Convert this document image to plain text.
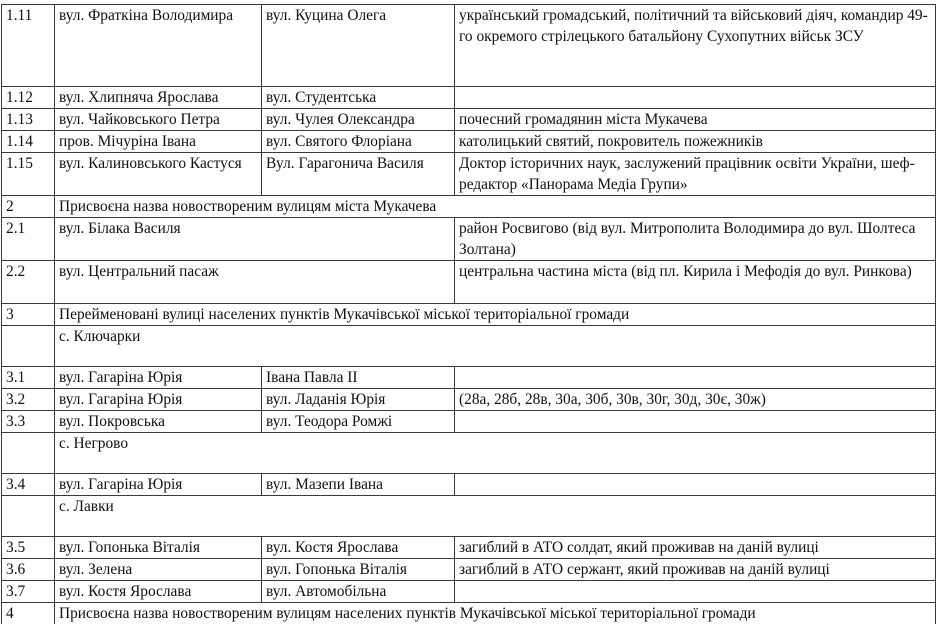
1.11	вул. Фраткіна Володимира	вул. Куцина Олега	український громадський, політичний та військовий діяч, командир 49-го окремого стрілецького батальйону Сухопутних військ ЗСУ
1.12	вул. Хлипняча Ярослава	вул. Студентська	
1.13	вул. Чайковського Петра	вул. Чулея Олександра	почесний громадянин міста Мукачева
1.14	пров. Мічуріна Івана	вул. Святого Флоріана	католицький святий, покровитель пожежників
1.15	вул. Калиновського Кастуся	Вул. Гарагонича Василя	Доктор історичних наук, заслужений працівник освіти України, шеф-редактор «Панорама Медіа Групи»
2	Присвоєна назва новоствореним вулицям міста Мукачева		
2.1	вул. Білака Василя		район Росвигово (від вул. Митрополита Володимира до вул. Шолтеса Золтана)
2.2	вул. Центральний пасаж		центральна частина міста (від пл. Кирила і Мефодія до вул. Ринкова)
3	Перейменовані вулиці населених пунктів Мукачівської міської територіальної громади		
	с. Ключарки		
3.1	вул. Гагаріна Юрія	Івана Павла ІІ	
3.2	вул. Гагаріна Юрія	вул. Ладанія Юрія	(28а, 28б, 28в, 30а, 30б, 30в, 30г, 30д, 30є, 30ж)
3.3	вул. Покровська	вул. Теодора Ромжі	
	с. Негрово		
3.4	вул. Гагаріна Юрія	вул. Мазепи Івана	
	с. Лавки		
3.5	вул. Гопонька Віталія	вул. Костя Ярослава	загиблий в АТО солдат, який проживав на даній вулиці
3.6	вул. Зелена	вул. Гопонька Віталія	загиблий в АТО сержант, який проживав на даній вулиці
3.7	вул. Костя Ярослава	вул. Автомобільна	
4	Присвоєна назва новоствореним вулицям населених пунктів Мукачівської міської територіальної громади		
